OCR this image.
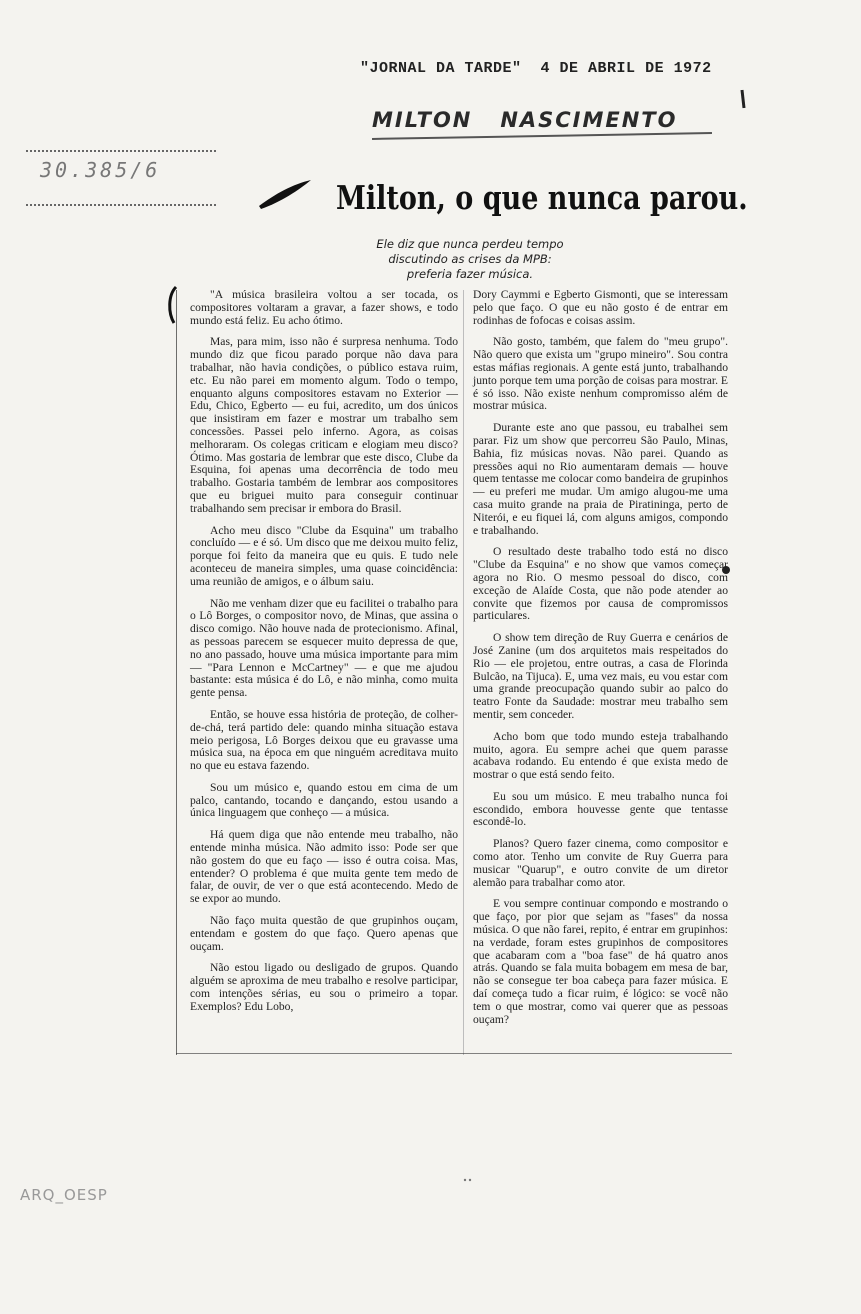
"JORNAL DA TARDE" 4 DE ABRIL DE 1972
MILTON NASCIMENTO
30.385/6
Milton, o que nunca parou.
Ele diz que nunca perdeu tempo discutindo as crises da MPB: preferia fazer música.

"A música brasileira voltou a ser tocada, os compositores voltaram a gravar, a fazer shows, e todo mundo está feliz. Eu acho ótimo.

Mas, para mim, isso não é surpresa nenhuma. Todo mundo diz que ficou parado porque não dava para trabalhar, não havia condições, o público estava ruim, etc. Eu não parei em momento algum. Todo o tempo, enquanto alguns compositores estavam no Exterior — Edu, Chico, Egberto — eu fui, acredito, um dos únicos que insistiram em fazer e mostrar um trabalho sem concessões. Passei pelo inferno. Agora, as coisas melhoraram. Os colegas criticam e elogiam meu disco? Ótimo. Mas gostaria de lembrar que este disco, Clube da Esquina, foi apenas uma decorrência de todo meu trabalho. Gostaria também de lembrar aos compositores que eu briguei muito para conseguir continuar trabalhando sem precisar ir embora do Brasil.

Acho meu disco "Clube da Esquina" um trabalho concluído — e é só. Um disco que me deixou muito feliz, porque foi feito da maneira que eu quis. E tudo nele aconteceu de maneira simples, uma quase coincidência: uma reunião de amigos, e o álbum saiu.

Não me venham dizer que eu facilitei o trabalho para o Lô Borges, o compositor novo, de Minas, que assina o disco comigo. Não houve nada de protecionismo. Afinal, as pessoas parecem se esquecer muito depressa de que, no ano passado, houve uma música importante para mim — "Para Lennon e McCartney" — e que me ajudou bastante: esta música é do Lô, e não minha, como muita gente pensa.

Então, se houve essa história de proteção, de colher-de-chá, terá partido dele: quando minha situação estava meio perigosa, Lô Borges deixou que eu gravasse uma música sua, na época em que ninguém acreditava muito no que eu estava fazendo.

Sou um músico e, quando estou em cima de um palco, cantando, tocando e dançando, estou usando a única linguagem que conheço — a música.

Há quem diga que não entende meu trabalho, não entende minha música. Não admito isso: Pode ser que não gostem do que eu faço — isso é outra coisa. Mas, entender? O problema é que muita gente tem medo de falar, de ouvir, de ver o que está acontecendo. Medo de se expor ao mundo.

Não faço muita questão de que grupinhos ouçam, entendam e gostem do que faço. Quero apenas que ouçam.

Não estou ligado ou desligado de grupos. Quando alguém se aproxima de meu trabalho e resolve participar, com intenções sérias, eu sou o primeiro a topar. Exemplos? Edu Lobo,

Dory Caymmi e Egberto Gismonti, que se interessam pelo que faço. O que eu não gosto é de entrar em rodinhas de fofocas e coisas assim.

Não gosto, também, que falem do "meu grupo". Não quero que exista um "grupo mineiro". Sou contra estas máfias regionais. A gente está junto, trabalhando junto porque tem uma porção de coisas para mostrar. E é só isso. Não existe nenhum compromisso além de mostrar música.

Durante este ano que passou, eu trabalhei sem parar. Fiz um show que percorreu São Paulo, Minas, Bahia, fiz músicas novas. Não parei. Quando as pressões aqui no Rio aumentaram demais — houve quem tentasse me colocar como bandeira de grupinhos — eu preferi me mudar. Um amigo alugou-me uma casa muito grande na praia de Piratininga, perto de Niterói, e eu fiquei lá, com alguns amigos, compondo e trabalhando.

O resultado deste trabalho todo está no disco "Clube da Esquina" e no show que vamos começar agora no Rio. O mesmo pessoal do disco, com exceção de Alaíde Costa, que não pode atender ao convite que fizemos por causa de compromissos particulares.

O show tem direção de Ruy Guerra e cenários de José Zanine (um dos arquitetos mais respeitados do Rio — ele projetou, entre outras, a casa de Florinda Bulcão, na Tijuca). E, uma vez mais, eu vou estar com uma grande preocupação quando subir ao palco do teatro Fonte da Saudade: mostrar meu trabalho sem mentir, sem conceder.

Acho bom que todo mundo esteja trabalhando muito, agora. Eu sempre achei que quem parasse acabava rodando. Eu entendo é que exista medo de mostrar o que está sendo feito.

Eu sou um músico. E meu trabalho nunca foi escondido, embora houvesse gente que tentasse escondê-lo.

Planos? Quero fazer cinema, como compositor e como ator. Tenho um convite de Ruy Guerra para musicar "Quarup", e outro convite de um diretor alemão para trabalhar como ator.

E vou sempre continuar compondo e mostrando o que faço, por pior que sejam as "fases" da nossa música. O que não farei, repito, é entrar em grupinhos: na verdade, foram estes grupinhos de compositores que acabaram com a "boa fase" de há quatro anos atrás. Quando se fala muita bobagem em mesa de bar, não se consegue ter boa cabeça para fazer música. E daí começa tudo a ficar ruim, é lógico: se você não tem o que mostrar, como vai querer que as pessoas ouçam?

ARQ_OESP
